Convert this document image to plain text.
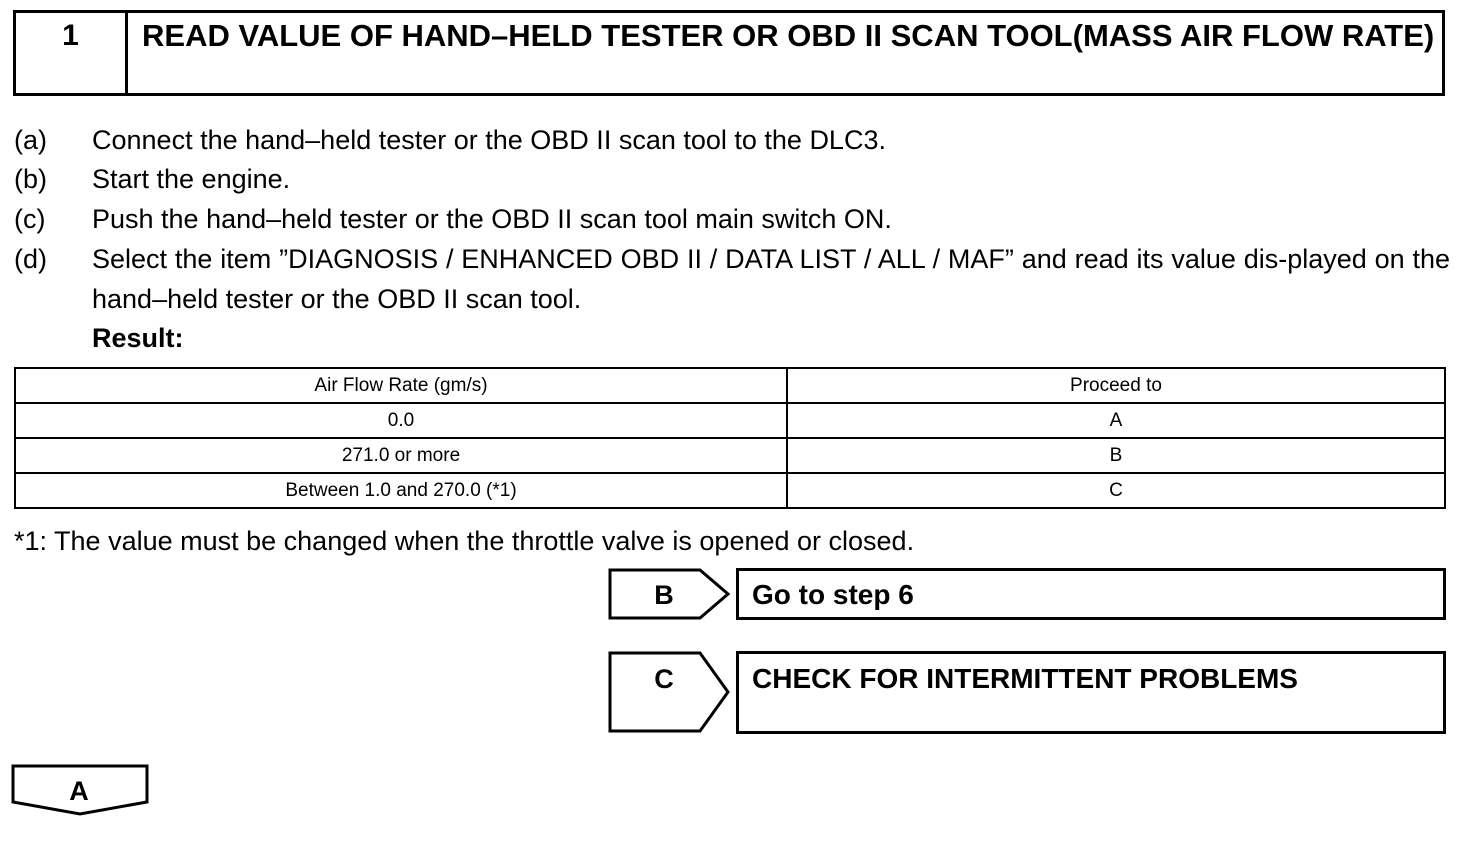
1	READ VALUE OF HAND–HELD TESTER OR OBD II SCAN TOOL(MASS AIR FLOW RATE)
(a) Connect the hand–held tester or the OBD II scan tool to the DLC3.
(b) Start the engine.
(c) Push the hand–held tester or the OBD II scan tool main switch ON.
(d) Select the item ”DIAGNOSIS / ENHANCED OBD II / DATA LIST / ALL / MAF” and read its value dis-played on the hand–held tester or the OBD II scan tool.
Result:
Air Flow Rate (gm/s)	Proceed to
0.0	A
271.0 or more	B
Between 1.0 and 270.0 (*1)	C
*1: The value must be changed when the throttle valve is opened or closed.
B	Go to step 6
C	CHECK FOR INTERMITTENT PROBLEMS
A
